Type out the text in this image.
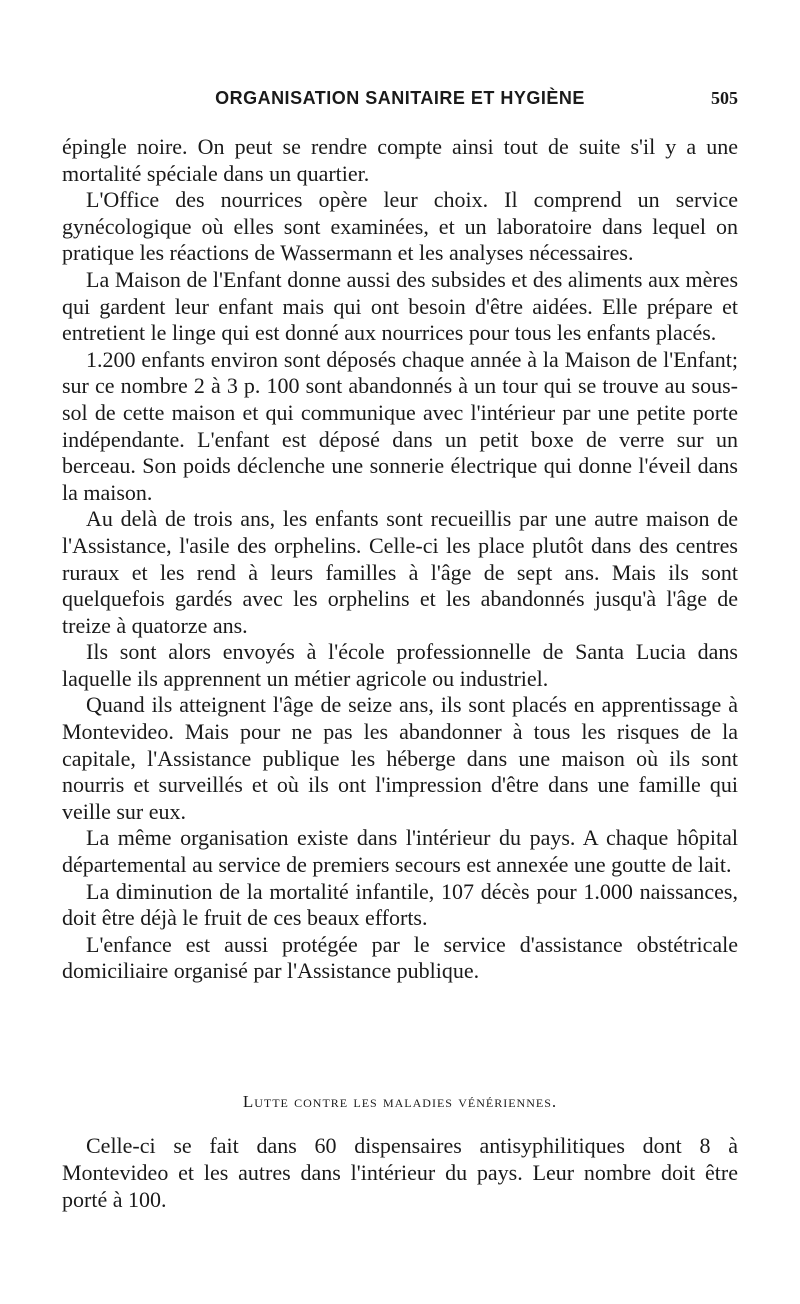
ORGANISATION SANITAIRE ET HYGIÈNE	505

épingle noire. On peut se rendre compte ainsi tout de suite s'il y a une mortalité spéciale dans un quartier.

L'Office des nourrices opère leur choix. Il comprend un service gynécologique où elles sont examinées, et un laboratoire dans lequel on pratique les réactions de Wassermann et les analyses nécessaires.

La Maison de l'Enfant donne aussi des subsides et des aliments aux mères qui gardent leur enfant mais qui ont besoin d'être aidées. Elle prépare et entretient le linge qui est donné aux nourrices pour tous les enfants placés.

1.200 enfants environ sont déposés chaque année à la Maison de l'Enfant; sur ce nombre 2 à 3 p. 100 sont abandonnés à un tour qui se trouve au sous-sol de cette maison et qui communique avec l'intérieur par une petite porte indépendante. L'enfant est déposé dans un petit boxe de verre sur un berceau. Son poids déclenche une sonnerie électrique qui donne l'éveil dans la maison.

Au delà de trois ans, les enfants sont recueillis par une autre maison de l'Assistance, l'asile des orphelins. Celle-ci les place plutôt dans des centres ruraux et les rend à leurs familles à l'âge de sept ans. Mais ils sont quelquefois gardés avec les orphelins et les abandonnés jusqu'à l'âge de treize à quatorze ans.

Ils sont alors envoyés à l'école professionnelle de Santa Lucia dans laquelle ils apprennent un métier agricole ou industriel.

Quand ils atteignent l'âge de seize ans, ils sont placés en apprentissage à Montevideo. Mais pour ne pas les abandonner à tous les risques de la capitale, l'Assistance publique les héberge dans une maison où ils sont nourris et surveillés et où ils ont l'impression d'être dans une famille qui veille sur eux.

La même organisation existe dans l'intérieur du pays. A chaque hôpital départemental au service de premiers secours est annexée une goutte de lait.

La diminution de la mortalité infantile, 107 décès pour 1.000 naissances, doit être déjà le fruit de ces beaux efforts.

L'enfance est aussi protégée par le service d'assistance obstétricale domiciliaire organisé par l'Assistance publique.

Lutte contre les maladies vénériennes.

Celle-ci se fait dans 60 dispensaires antisyphilitiques dont 8 à Montevideo et les autres dans l'intérieur du pays. Leur nombre doit être porté à 100.
